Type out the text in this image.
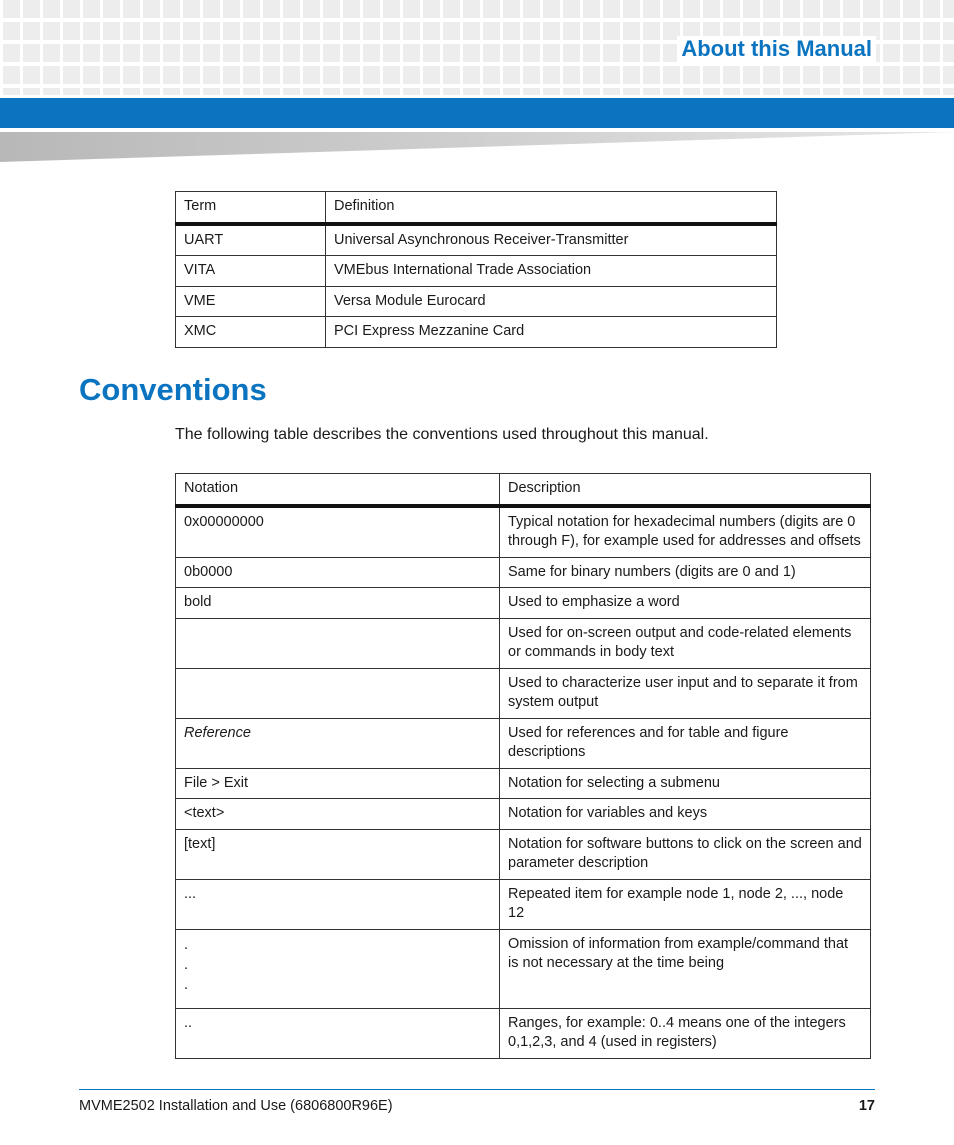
About this Manual
Term	Definition
UART	Universal Asynchronous Receiver-Transmitter
VITA	VMEbus International Trade Association
VME	Versa Module Eurocard
XMC	PCI Express Mezzanine Card
Conventions

The following table describes the conventions used throughout this manual.

Notation	Description
0x00000000	Typical notation for hexadecimal numbers (digits are 0 through F), for example used for addresses and offsets
0b0000	Same for binary numbers (digits are 0 and 1)
bold	Used to emphasize a word
	Used for on-screen output and code-related elements or commands in body text
	Used to characterize user input and to separate it from system output
Reference	Used for references and for table and figure descriptions
File > Exit	Notation for selecting a submenu
<text>	Notation for variables and keys
[text]	Notation for software buttons to click on the screen and parameter description
...	Repeated item for example node 1, node 2, ..., node 12

.
.
.	Omission of information from example/command that is not necessary at the time being
..	Ranges, for example: 0..4 means one of the integers 0,1,2,3, and 4 (used in registers)
MVME2502 Installation and Use (6806800R96E)	17
